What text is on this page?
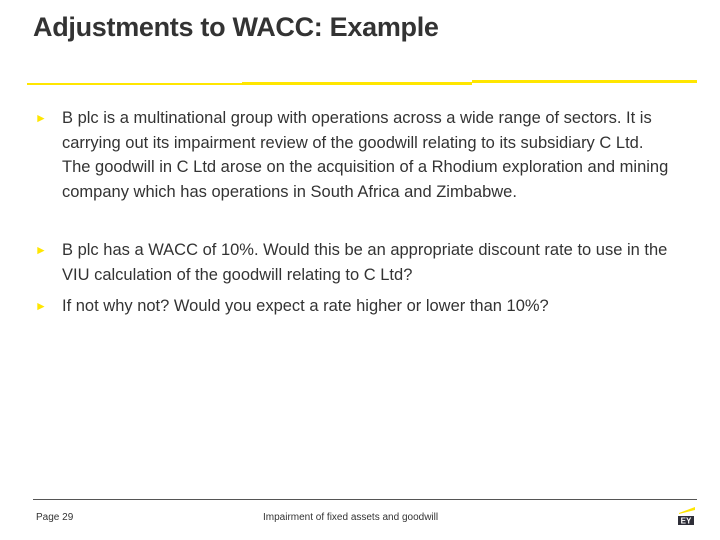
Adjustments to WACC: Example
► B plc is a multinational group with operations across a wide range of sectors. It is carrying out its impairment review of the goodwill relating to its subsidiary C Ltd. The goodwill in C Ltd arose on the acquisition of a Rhodium exploration and mining company which has operations in South Africa and Zimbabwe.
► B plc has a WACC of 10%. Would this be an appropriate discount rate to use in the VIU calculation of the goodwill relating to C Ltd?
► If not why not? Would you expect a rate higher or lower than 10%?
Page 29	Impairment of fixed assets and goodwill	EY
